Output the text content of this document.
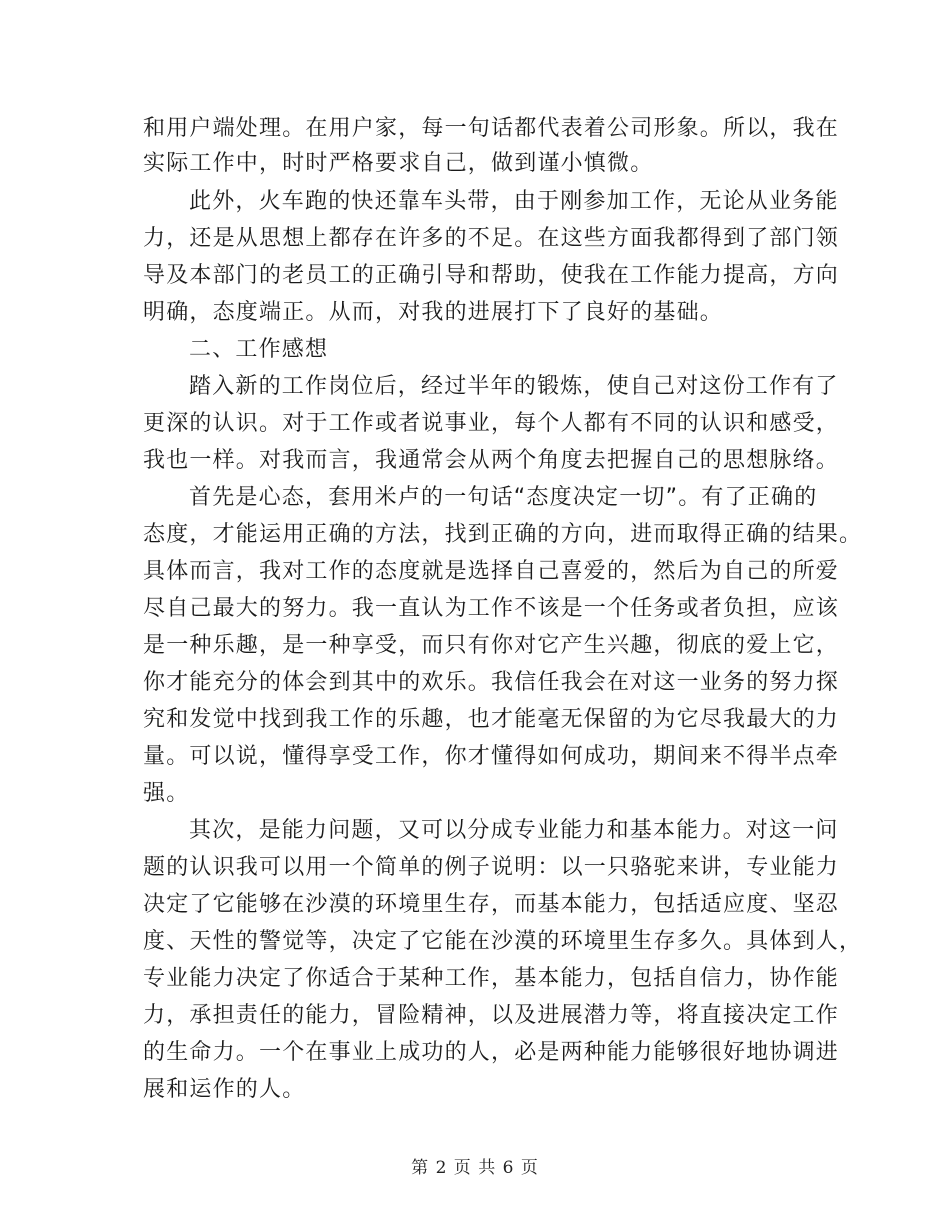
和用户端处理。在用户家，每一句话都代表着公司形象。所以，我在
实际工作中，时时严格要求自己，做到谨小慎微。
此外，火车跑的快还靠车头带，由于刚参加工作，无论从业务能
力，还是从思想上都存在许多的不足。在这些方面我都得到了部门领
导及本部门的老员工的正确引导和帮助，使我在工作能力提高，方向
明确，态度端正。从而，对我的进展打下了良好的基础。
二、工作感想
踏入新的工作岗位后，经过半年的锻炼，使自己对这份工作有了
更深的认识。对于工作或者说事业，每个人都有不同的认识和感受，
我也一样。对我而言，我通常会从两个角度去把握自己的思想脉络。
首先是心态，套用米卢的一句话“态度决定一切”。有了正确的
态度，才能运用正确的方法，找到正确的方向，进而取得正确的结果。
具体而言，我对工作的态度就是选择自己喜爱的，然后为自己的所爱
尽自己最大的努力。我一直认为工作不该是一个任务或者负担，应该
是一种乐趣，是一种享受，而只有你对它产生兴趣，彻底的爱上它，
你才能充分的体会到其中的欢乐。我信任我会在对这一业务的努力探
究和发觉中找到我工作的乐趣，也才能毫无保留的为它尽我最大的力
量。可以说，懂得享受工作，你才懂得如何成功，期间来不得半点牵
强。
其次，是能力问题，又可以分成专业能力和基本能力。对这一问
题的认识我可以用一个简单的例子说明：以一只骆驼来讲，专业能力
决定了它能够在沙漠的环境里生存，而基本能力，包括适应度、坚忍
度、天性的警觉等，决定了它能在沙漠的环境里生存多久。具体到人，
专业能力决定了你适合于某种工作，基本能力，包括自信力，协作能
力，承担责任的能力，冒险精神，以及进展潜力等，将直接决定工作
的生命力。一个在事业上成功的人，必是两种能力能够很好地协调进
展和运作的人。
第 2 页 共 6 页
